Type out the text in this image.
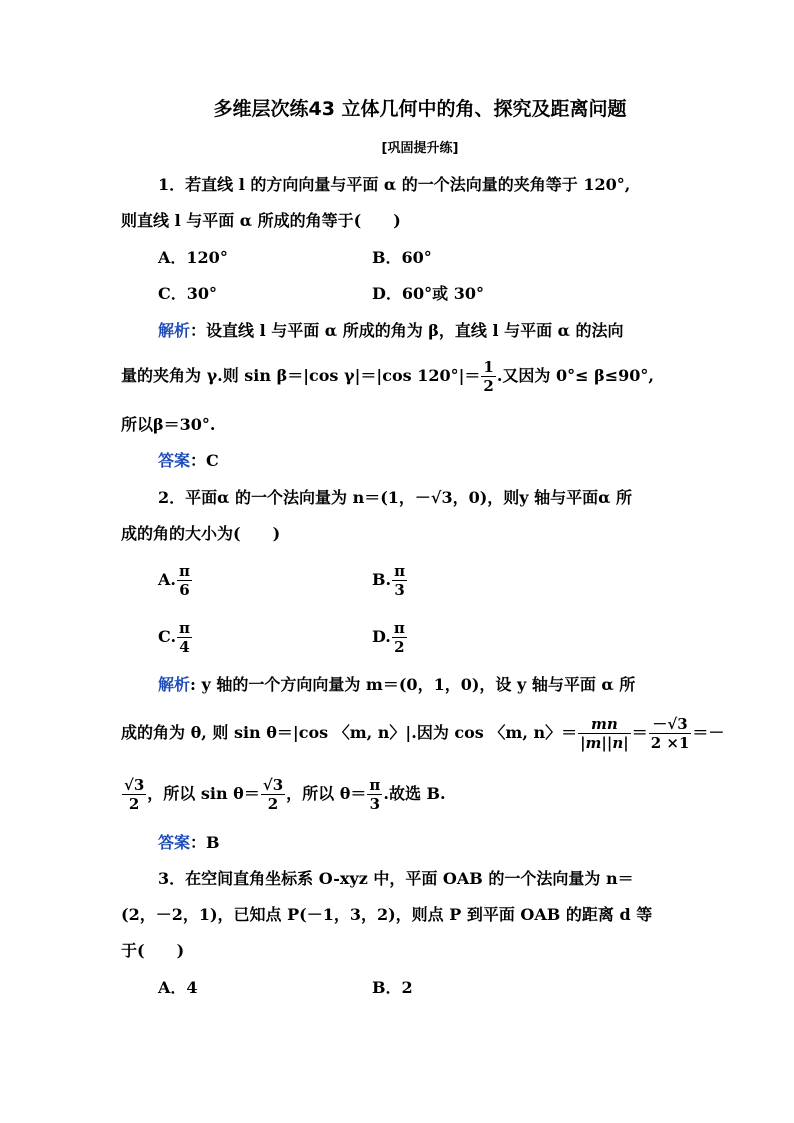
多维层次练43 立体几何中的角、探究及距离问题
[巩固提升练]
1．若直线 l 的方向向量与平面 α 的一个法向量的夹角等于 120°,
则直线 l 与平面 α 所成的角等于(　　)
A．120°	B．60°
C．30°	D．60°或 30°
解析：设直线 l 与平面 α 所成的角为 β，直线 l 与平面 α 的法向
量的夹角为 γ.则 sin β＝|cos γ|＝|cos $120^\circ|= \frac{1}{2}$ .又因为 0°≤ β≤90°,
所以β＝30°.
答案：C
2．平面α 的一个法向量为 n＝(1，－√3，0)，则y 轴与平面α 所
成的角的大小为(　　)
A. $\frac{\pi}{6}$	B. $\frac{\pi}{3}$
C. $\frac{\pi}{4}$	D. $\frac{\pi}{2}$
解析: y 轴的一个方向向量为 m＝(0，1，0)，设 y 轴与平面 α 所
成的角为 θ, 则 sin θ＝|cos 〈m, n〉|.因为 cos 〈m, n〉＝ $\frac{mn}{|m||n|} = \frac{-√3}{2 \times 1}$ ＝－
$\frac{√3}{2}$ ，所以 $\sin \theta= \frac{√3}{2}$ ，所以 $\theta= \frac{\pi}{3}$ .故选 B.
答案：B
3．在空间直角坐标系 O-xyz 中，平面 OAB 的一个法向量为 n＝
(2，－2，1)，已知点 P(－1，3，2)，则点 P 到平面 OAB 的距离 d 等
于(　　)
A．4	B．2
